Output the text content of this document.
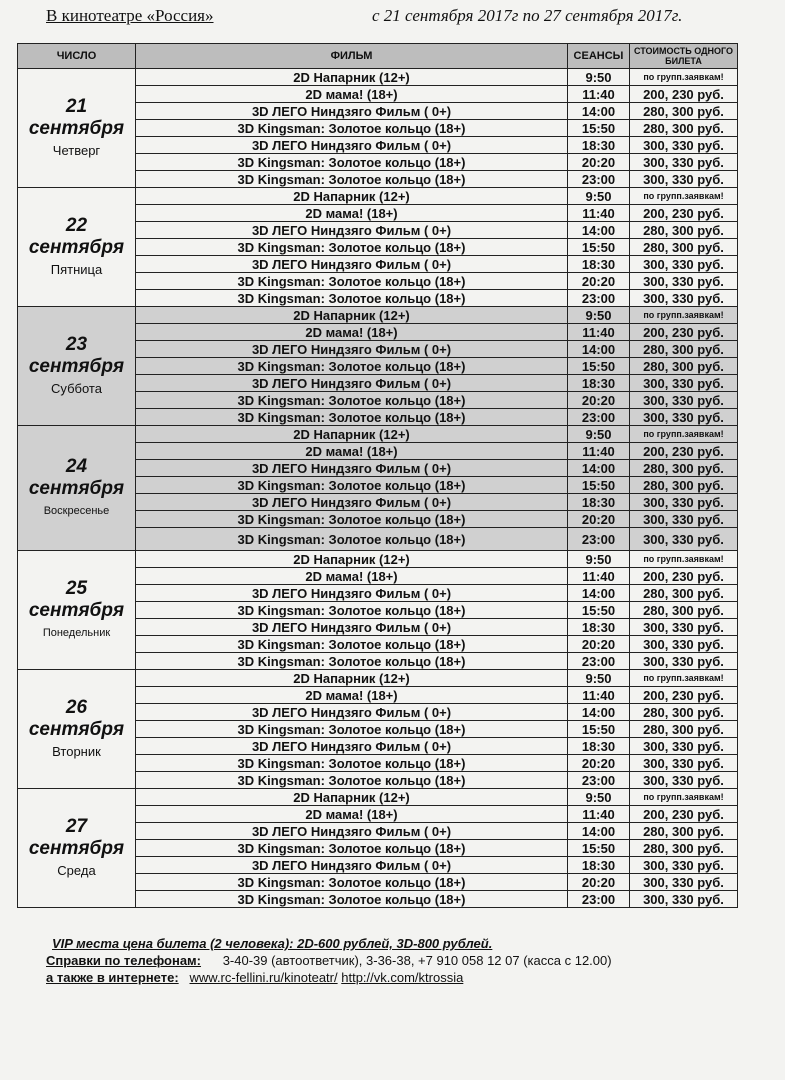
В кинотеатре «Россия»	с 21 сентября 2017г по 27 сентября 2017г.
ЧИСЛО	ФИЛЬМ	СЕАНСЫ	СТОИМОСТЬ ОДНОГО БИЛЕТА

21
сентября
Четверг	2D Напарник (12+)	9:50	по групп.заявкам!
	2D мама! (18+)	11:40	200, 230 руб.
	3D ЛЕГО Ниндзяго Фильм ( 0+)	14:00	280, 300 руб.
	3D Kingsman: Золотое кольцо (18+)	15:50	280, 300 руб.
	3D ЛЕГО Ниндзяго Фильм ( 0+)	18:30	300, 330 руб.
	3D Kingsman: Золотое кольцо (18+)	20:20	300, 330 руб.
	3D Kingsman: Золотое кольцо (18+)	23:00	300, 330 руб.

22
сентября
Пятница	2D Напарник (12+)	9:50	по групп.заявкам!
	2D мама! (18+)	11:40	200, 230 руб.
	3D ЛЕГО Ниндзяго Фильм ( 0+)	14:00	280, 300 руб.
	3D Kingsman: Золотое кольцо (18+)	15:50	280, 300 руб.
	3D ЛЕГО Ниндзяго Фильм ( 0+)	18:30	300, 330 руб.
	3D Kingsman: Золотое кольцо (18+)	20:20	300, 330 руб.
	3D Kingsman: Золотое кольцо (18+)	23:00	300, 330 руб.

23
сентября
Суббота	2D Напарник (12+)	9:50	по групп.заявкам!
	2D мама! (18+)	11:40	200, 230 руб.
	3D ЛЕГО Ниндзяго Фильм ( 0+)	14:00	280, 300 руб.
	3D Kingsman: Золотое кольцо (18+)	15:50	280, 300 руб.
	3D ЛЕГО Ниндзяго Фильм ( 0+)	18:30	300, 330 руб.
	3D Kingsman: Золотое кольцо (18+)	20:20	300, 330 руб.
	3D Kingsman: Золотое кольцо (18+)	23:00	300, 330 руб.

24
сентября
Воскресенье	2D Напарник (12+)	9:50	по групп.заявкам!
	2D мама! (18+)	11:40	200, 230 руб.
	3D ЛЕГО Ниндзяго Фильм ( 0+)	14:00	280, 300 руб.
	3D Kingsman: Золотое кольцо (18+)	15:50	280, 300 руб.
	3D ЛЕГО Ниндзяго Фильм ( 0+)	18:30	300, 330 руб.
	3D Kingsman: Золотое кольцо (18+)	20:20	300, 330 руб.
	3D Kingsman: Золотое кольцо (18+)	23:00	300, 330 руб.

25
сентября
Понедельник	2D Напарник (12+)	9:50	по групп.заявкам!
	2D мама! (18+)	11:40	200, 230 руб.
	3D ЛЕГО Ниндзяго Фильм ( 0+)	14:00	280, 300 руб.
	3D Kingsman: Золотое кольцо (18+)	15:50	280, 300 руб.
	3D ЛЕГО Ниндзяго Фильм ( 0+)	18:30	300, 330 руб.
	3D Kingsman: Золотое кольцо (18+)	20:20	300, 330 руб.
	3D Kingsman: Золотое кольцо (18+)	23:00	300, 330 руб.

26
сентября
Вторник	2D Напарник (12+)	9:50	по групп.заявкам!
	2D мама! (18+)	11:40	200, 230 руб.
	3D ЛЕГО Ниндзяго Фильм ( 0+)	14:00	280, 300 руб.
	3D Kingsman: Золотое кольцо (18+)	15:50	280, 300 руб.
	3D ЛЕГО Ниндзяго Фильм ( 0+)	18:30	300, 330 руб.
	3D Kingsman: Золотое кольцо (18+)	20:20	300, 330 руб.
	3D Kingsman: Золотое кольцо (18+)	23:00	300, 330 руб.

27
сентября
Среда	2D Напарник (12+)	9:50	по групп.заявкам!
	2D мама! (18+)	11:40	200, 230 руб.
	3D ЛЕГО Ниндзяго Фильм ( 0+)	14:00	280, 300 руб.
	3D Kingsman: Золотое кольцо (18+)	15:50	280, 300 руб.
	3D ЛЕГО Ниндзяго Фильм ( 0+)	18:30	300, 330 руб.
	3D Kingsman: Золотое кольцо (18+)	20:20	300, 330 руб.
	3D Kingsman: Золотое кольцо (18+)	23:00	300, 330 руб.
VIP места цена билета (2 человека): 2D-600 рублей, 3D-800 рублей.
Справки по телефонам: 3-40-39 (автоответчик), 3-36-38, +7 910 058 12 07 (касса с 12.00)
а также в интернете: www.rc-fellini.ru/kinoteatr/ http://vk.com/ktrossia
